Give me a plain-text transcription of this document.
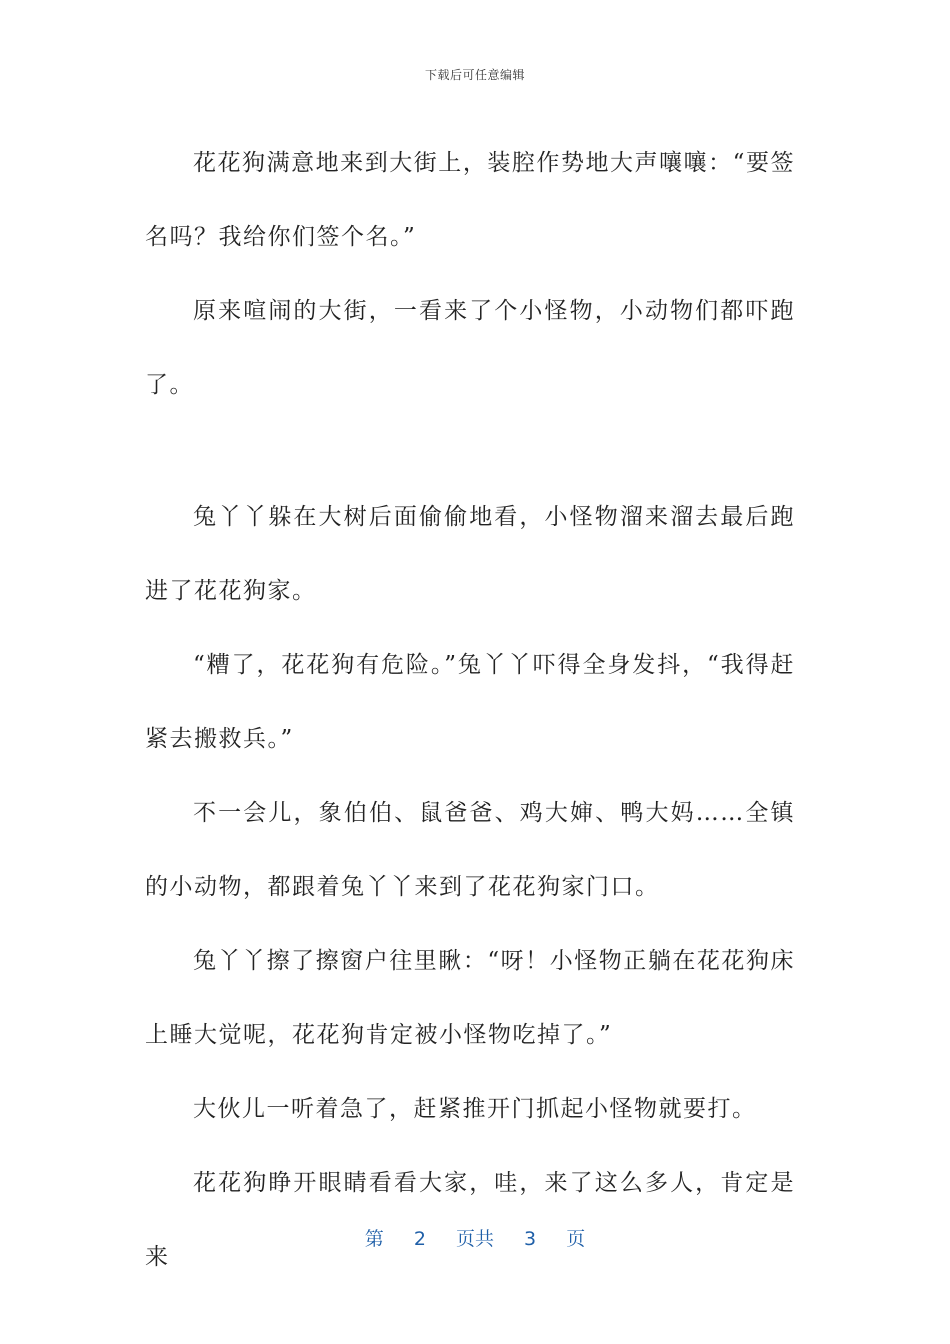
下载后可任意编辑

花花狗满意地来到大街上，装腔作势地大声嚷嚷：“要签名吗？我给你们签个名。”

原来喧闹的大街，一看来了个小怪物，小动物们都吓跑了。

兔丫丫躲在大树后面偷偷地看，小怪物溜来溜去最后跑进了花花狗家。

“糟了，花花狗有危险。”兔丫丫吓得全身发抖，“我得赶紧去搬救兵。”

不一会儿，象伯伯、鼠爸爸、鸡大婶、鸭大妈……全镇的小动物，都跟着兔丫丫来到了花花狗家门口。

兔丫丫擦了擦窗户往里瞅：“呀！小怪物正躺在花花狗床上睡大觉呢，花花狗肯定被小怪物吃掉了。”

大伙儿一听着急了，赶紧推开门抓起小怪物就要打。

花花狗睁开眼睛看看大家，哇，来了这么多人，肯定是来

第 2 页共 3 页
